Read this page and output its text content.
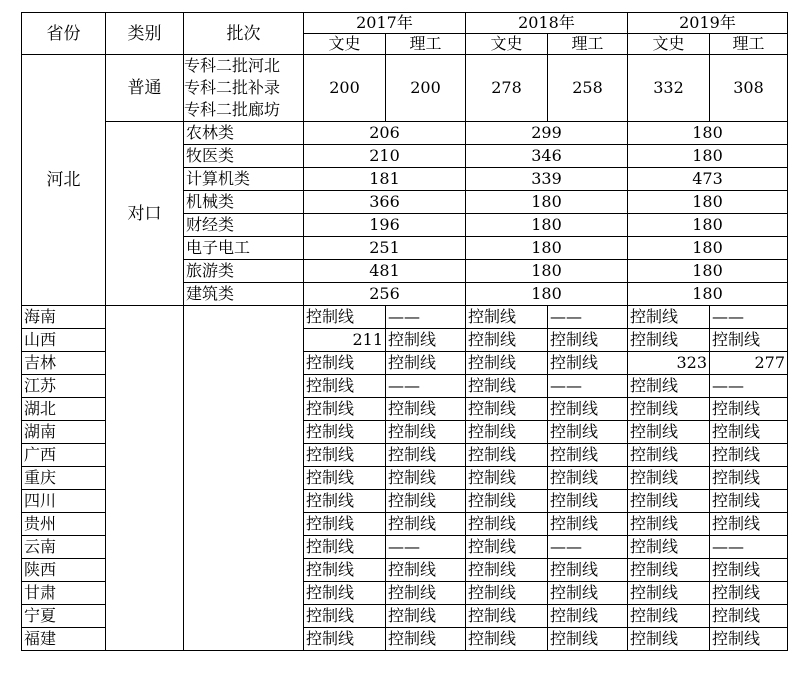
省份	类别	批次	2017年		2018年		2019年	
			文史	理工	文史	理工	文史	理工
河北	普通	专科二批河北
专科二批补录
专科二批廊坊	200	200	278	258	332	308
	对口	农林类	206		299		180	
		牧医类	210		346		180	
		计算机类	181		339		473	
		机械类	366		180		180	
		财经类	196		180		180	
		电子电工	251		180		180	
		旅游类	481		180		180	
		建筑类	256		180		180	
海南			控制线	——	控制线	——	控制线	——
山西			211	控制线	控制线	控制线	控制线	控制线
吉林			控制线	控制线	控制线	控制线	323	277
江苏			控制线	——	控制线	——	控制线	——
湖北			控制线	控制线	控制线	控制线	控制线	控制线
湖南			控制线	控制线	控制线	控制线	控制线	控制线
广西			控制线	控制线	控制线	控制线	控制线	控制线
重庆			控制线	控制线	控制线	控制线	控制线	控制线
四川			控制线	控制线	控制线	控制线	控制线	控制线
贵州			控制线	控制线	控制线	控制线	控制线	控制线
云南			控制线	——	控制线	——	控制线	——
陕西			控制线	控制线	控制线	控制线	控制线	控制线
甘肃			控制线	控制线	控制线	控制线	控制线	控制线
宁夏			控制线	控制线	控制线	控制线	控制线	控制线
福建			控制线	控制线	控制线	控制线	控制线	控制线
